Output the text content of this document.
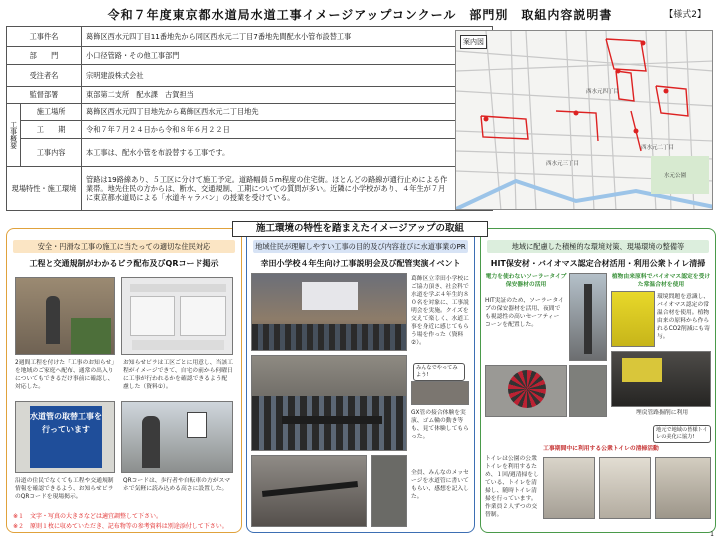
令和７年度東京都水道局水道工事イメージアップコンクール　部門別　取組内容説明書	【様式2】
工事件名		葛飾区西水元四丁目11番地先から同区西水元二丁目7番地先間配水小管布設替工事
部　　門		小口径管路・その他工事部門
受注者名		宗明建設株式会社
監督部署		東部第二支所　配水課　古賀担当
工事概要	施工場所	葛飾区西水元四丁目地先から葛飾区西水元二丁目地先
	工　　期	令和７年７月２４日から令和８年６月２２日
	工事内容	本工事は、配水小管を布設替する工事です。
現場特性・施工環境		管路は19路線あり、５工区に分けて施工予定。道路幅員５m程度の住宅街。ほとんどの路線が通行止めによる作業帯。地先住民の方からは、断水、交通規制、工期についての質問が多い。近隣に小学校があり、４年生が７月に東京都水道局による「水道キャラバン」の授業を受けている。
案内図
西水元四丁目
西水元二丁目
西水元三丁目
水元公園
施工環境の特性を踏まえたイメージアップの取組
安全・円滑な工事の施工に当たっての適切な住民対応
工程と交通規制がわかるビラ配布及びQRコード掲示
2週間工程を付けた「工事のお知らせ」を地域のご家庭へ配布、通常の出入りについてもできるだけ事前に確認し、対応した。
お知らせビラは工区ごとに用意し、当該工程がイメージできて、自宅の前から何曜日に工事が行われるかを確認できるよう配慮した（資料①）。
水道管の取替工事を行っています
沿道の住民でなくても工程や交通規制情報を確認できるよう、お知らせビラのQRコードを現場掲示。
QRコードは、歩行者や自転車の方がスマホで気軽に読み込める高さに設置した。
※１　文字・写真の大きさなどは適宜調整して下さい。
※２　原則１枚に収めていただき、記布物等の参考資料は別途添付して下さい。
地域住民が理解しやすい工事の目的及び内容並びに水道事業のPR
幸田小学校４年生向け工事説明会及び配管実演イベント
葛飾区立幸田小学校にご協力頂き、社会科で水道を学ぶ４年生約８０名を対象に、工事説明会を実施。クイズを交えて楽しく、水道工事を身近に感じてもらう場を作った（資料②）。
みんなでやってみよう!
GX管の接合体験を実演、ゴム輪の動き等も、見て体験してもらった。
全員、みんなのメッセージを水道管に書いてもらい、感想を記入した。
地域に配慮した積極的な環境対策、現場環境の整備等
HIT保安材・バイオマス認定合材活用・利用公衆トイレ清掃
電力を使わないソーラータイプ保安器材の活用
HIT実証のため、ソーラータイプの保安器材を活用、夜間でも視認性の高いセーフティーコーンを配置した。
植物由来原料でバイオマス認定を受けた常温合材を使用
環境問題を意識し、バイオマス認定の常温合材を使用。植物由来の原料から作られるCO2削減にも寄与。
埋戻管路掘削に利用
地元で地域の皆様トイレの美化に協力!
工事期間中に利用する公衆トイレの清掃活動
トイレは公園の公衆トイレを利用するため、１回/週清掃をしている、トイレを清掃し、随時トイレ清掃を行っています。作業員２人ずつの交替制。
1
